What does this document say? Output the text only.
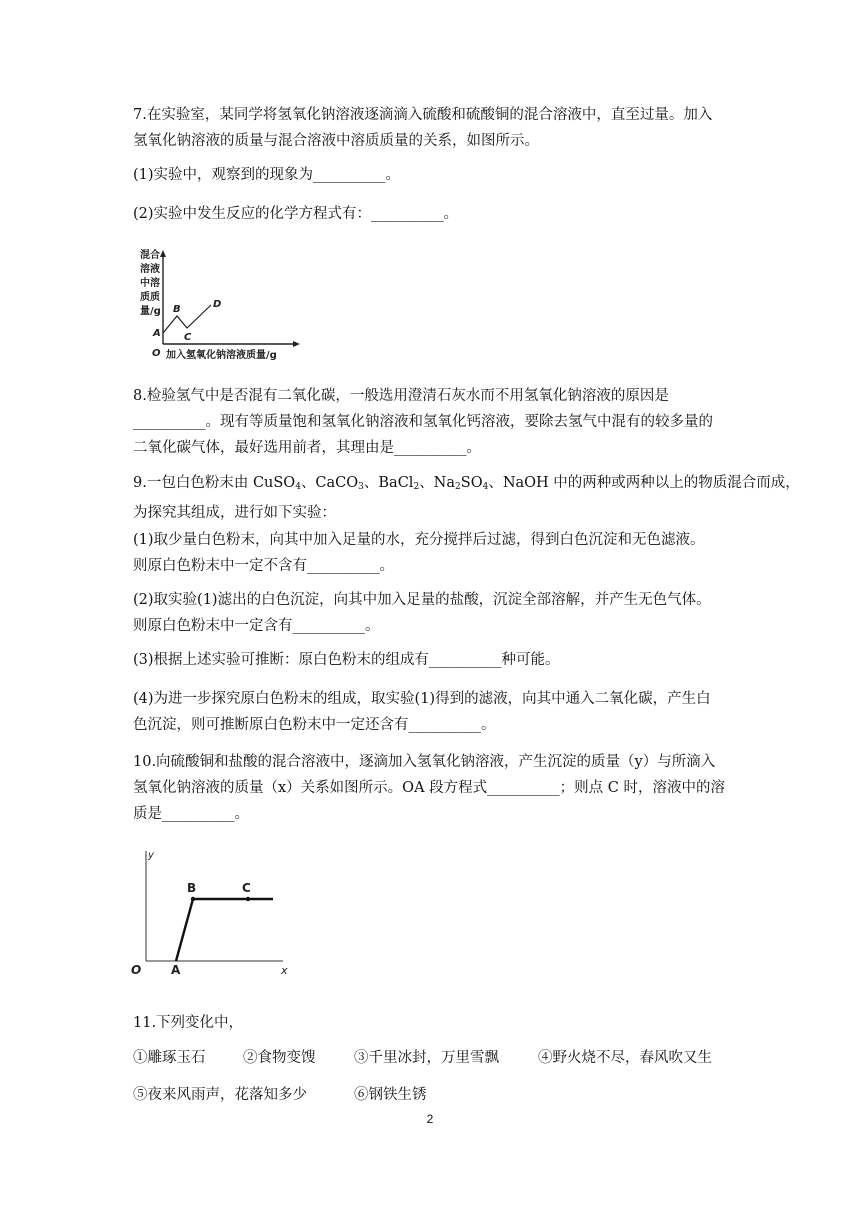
7.在实验室，某同学将氢氧化钠溶液逐滴滴入硫酸和硫酸铜的混合溶液中，直至过量。加入
氢氧化钠溶液的质量与混合溶液中溶质质量的关系，如图所示。
(1)实验中，观察到的现象为__________。
(2)实验中发生反应的化学方程式有：__________。
混合
溶液
中溶
质质
量/g
O
A
B
C
D
加入氢氧化钠溶液质量/g
8.检验氢气中是否混有二氧化碳，一般选用澄清石灰水而不用氢氧化钠溶液的原因是
__________。现有等质量饱和氢氧化钠溶液和氢氧化钙溶液，要除去氢气中混有的较多量的
二氧化碳气体，最好选用前者，其理由是__________。
9.一包白色粉末由 CuSO$_4$、CaCO$_3$、BaCl$_2$、$Na_2SO_4$、NaOH 中的两种或两种以上的物质混合而成，
为探究其组成，进行如下实验：
(1)取少量白色粉末，向其中加入足量的水，充分搅拌后过滤，得到白色沉淀和无色滤液。
则原白色粉末中一定不含有__________。
(2)取实验(1)滤出的白色沉淀，向其中加入足量的盐酸，沉淀全部溶解，并产生无色气体。
则原白色粉末中一定含有__________。
(3)根据上述实验可推断：原白色粉末的组成有__________种可能。
(4)为进一步探究原白色粉末的组成，取实验(1)得到的滤液，向其中通入二氧化碳，产生白
色沉淀，则可推断原白色粉末中一定还含有__________。
10.向硫酸铜和盐酸的混合溶液中，逐滴加入氢氧化钠溶液，产生沉淀的质量（y）与所滴入
氢氧化钠溶液的质量（x）关系如图所示。OA 段方程式__________；则点 C 时，溶液中的溶
质是__________。
y
x
O A
B	C
11.下列变化中，
①雕琢玉石	②食物变馊	③千里冰封，万里雪飘	④野火烧不尽，春风吹又生
⑤夜来风雨声，花落知多少	⑥钢铁生锈
2
